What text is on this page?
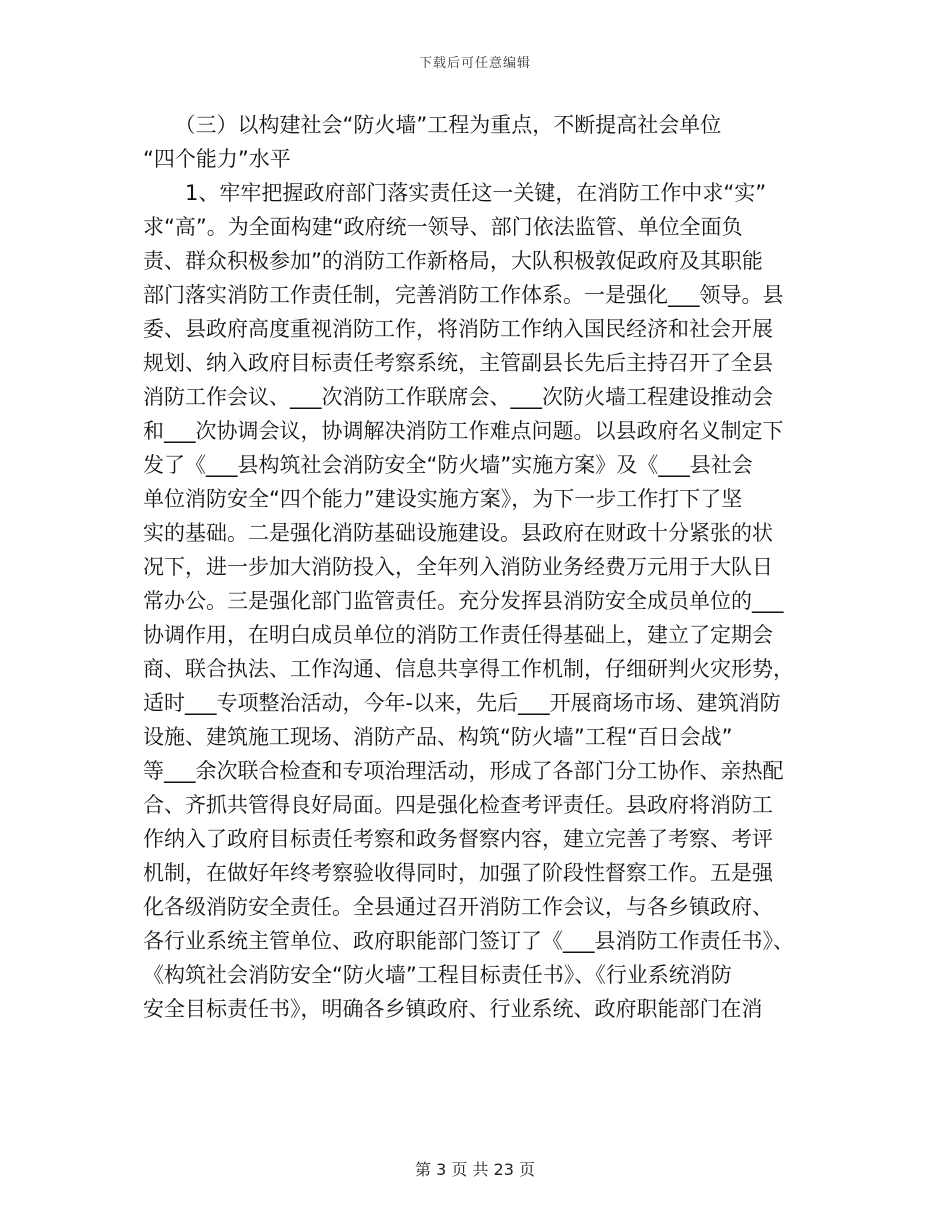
下载后可任意编辑
　　（三）以构建社会“防火墙”工程为重点，不断提高社会单位
“四个能力”水平
　　1、牢牢把握政府部门落实责任这一关键，在消防工作中求“实”
求“高”。为全面构建“政府统一领导、部门依法监管、单位全面负
责、群众积极参加”的消防工作新格局，大队积极敦促政府及其职能
部门落实消防工作责任制，完善消防工作体系。一是强化___领导。县
委、县政府高度重视消防工作，将消防工作纳入国民经济和社会开展
规划、纳入政府目标责任考察系统，主管副县长先后主持召开了全县
消防工作会议、___次消防工作联席会、___次防火墙工程建设推动会
和___次协调会议，协调解决消防工作难点问题。以县政府名义制定下
发了《___县构筑社会消防安全“防火墙”实施方案》及《___县社会
单位消防安全“四个能力”建设实施方案》，为下一步工作打下了坚
实的基础。二是强化消防基础设施建设。县政府在财政十分紧张的状
况下，进一步加大消防投入，全年列入消防业务经费万元用于大队日
常办公。三是强化部门监管责任。充分发挥县消防安全成员单位的___
协调作用，在明白成员单位的消防工作责任得基础上，建立了定期会
商、联合执法、工作沟通、信息共享得工作机制，仔细研判火灾形势，
适时___专项整治活动，今年-以来，先后___开展商场市场、建筑消防
设施、建筑施工现场、消防产品、构筑“防火墙”工程“百日会战”
等___余次联合检查和专项治理活动，形成了各部门分工协作、亲热配
合、齐抓共管得良好局面。四是强化检查考评责任。县政府将消防工
作纳入了政府目标责任考察和政务督察内容，建立完善了考察、考评
机制，在做好年终考察验收得同时，加强了阶段性督察工作。五是强
化各级消防安全责任。全县通过召开消防工作会议，与各乡镇政府、
各行业系统主管单位、政府职能部门签订了《___县消防工作责任书》、
《构筑社会消防安全“防火墙”工程目标责任书》、《行业系统消防
安全目标责任书》，明确各乡镇政府、行业系统、政府职能部门在消
第 3 页 共 23 页
